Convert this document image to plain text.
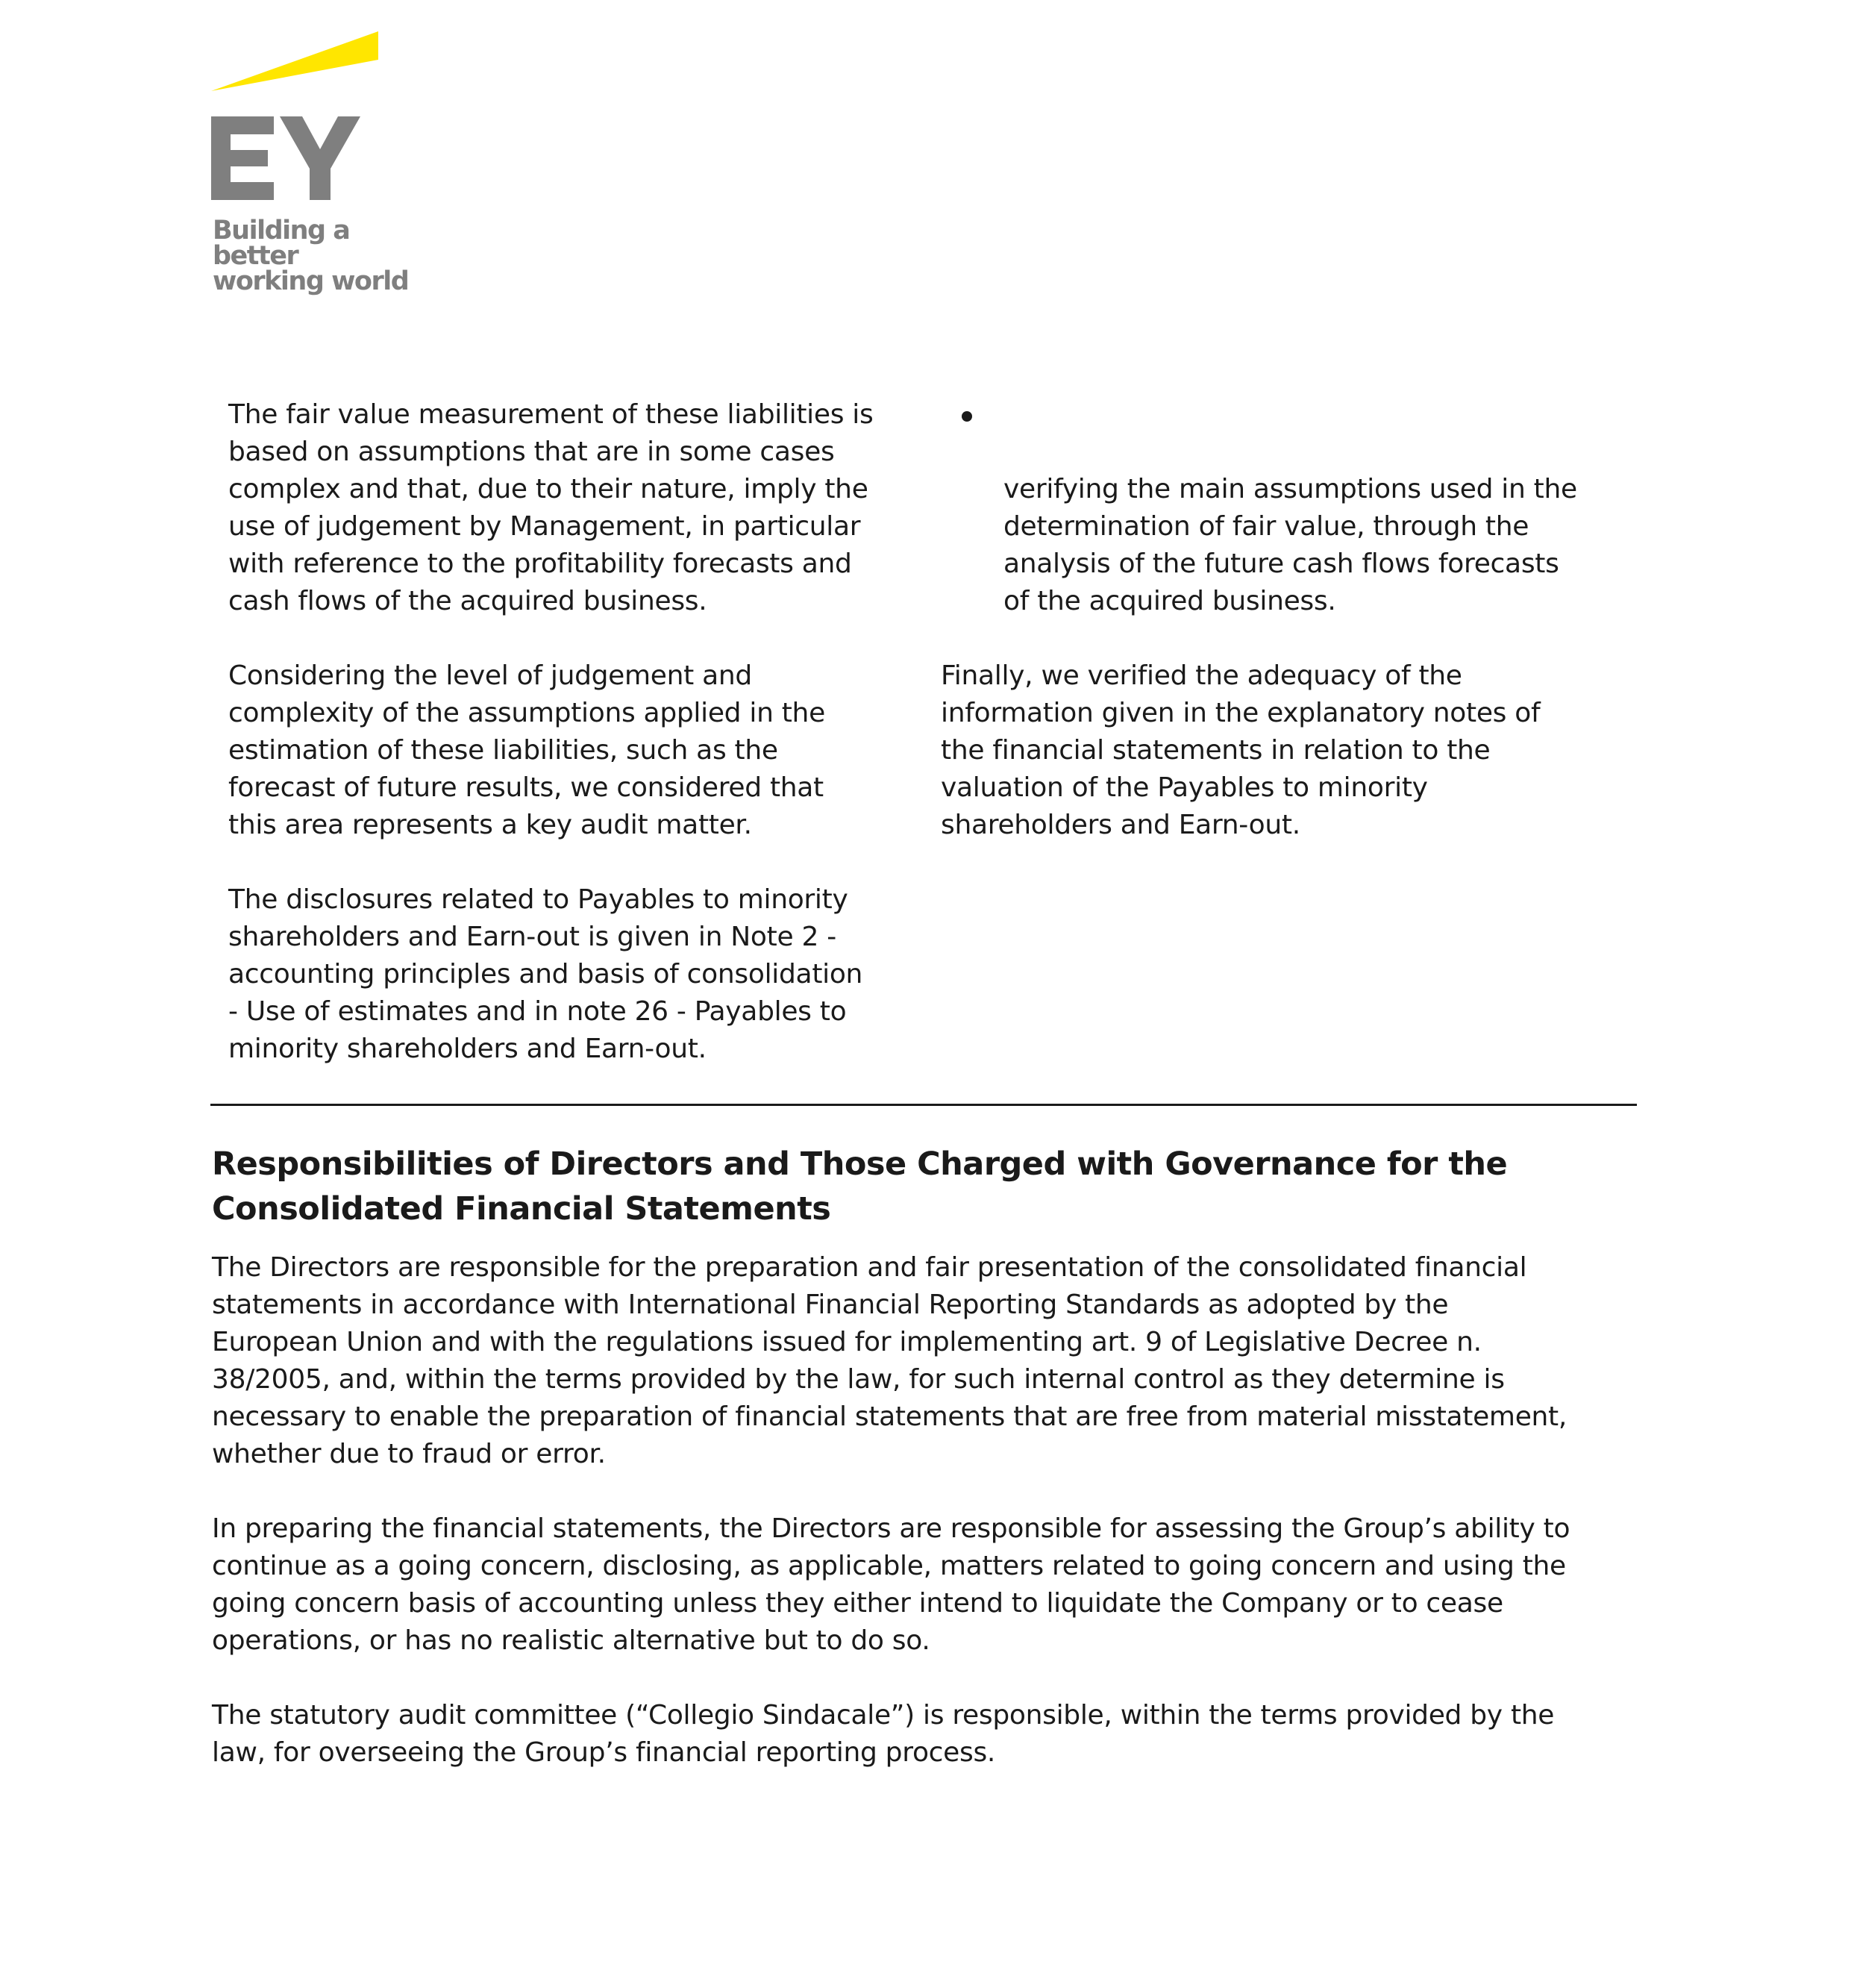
Building a better
working world

The fair value measurement of these liabilities is
based on assumptions that are in some cases
complex and that, due to their nature, imply the
use of judgement by Management, in particular
with reference to the profitability forecasts and
cash flows of the acquired business.

Considering the level of judgement and
complexity of the assumptions applied in the
estimation of these liabilities, such as the
forecast of future results, we considered that
this area represents a key audit matter.

The disclosures related to Payables to minority
shareholders and Earn-out is given in Note 2 -
accounting principles and basis of consolidation
- Use of estimates and in note 26 - Payables to
minority shareholders and Earn-out.

verifying the main assumptions used in the
determination of fair value, through the
analysis of the future cash flows forecasts
of the acquired business.

Finally, we verified the adequacy of the
information given in the explanatory notes of
the financial statements in relation to the
valuation of the Payables to minority
shareholders and Earn-out.

Responsibilities of Directors and Those Charged with Governance for the
Consolidated Financial Statements

The Directors are responsible for the preparation and fair presentation of the consolidated financial
statements in accordance with International Financial Reporting Standards as adopted by the
European Union and with the regulations issued for implementing art. 9 of Legislative Decree n.
38/2005, and, within the terms provided by the law, for such internal control as they determine is
necessary to enable the preparation of financial statements that are free from material misstatement,
whether due to fraud or error.

In preparing the financial statements, the Directors are responsible for assessing the Group’s ability to
continue as a going concern, disclosing, as applicable, matters related to going concern and using the
going concern basis of accounting unless they either intend to liquidate the Company or to cease
operations, or has no realistic alternative but to do so.

The statutory audit committee (“Collegio Sindacale”) is responsible, within the terms provided by the
law, for overseeing the Group’s financial reporting process.
